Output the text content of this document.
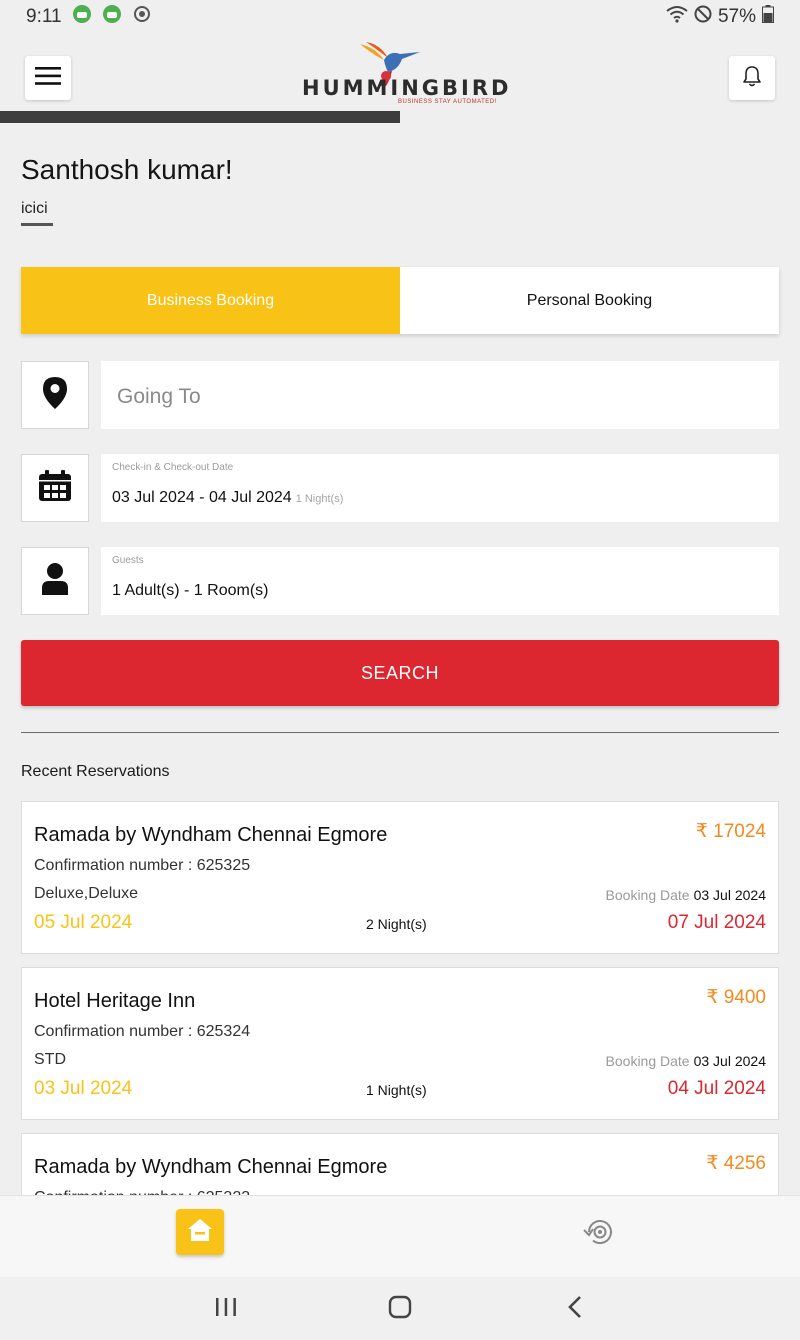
9:11	57%
HUMMINGBIRD
BUSINESS STAY AUTOMATED!
Santhosh kumar!
icici
Business Booking	Personal Booking
Going To
Check-in & Check-out Date
03 Jul 2024 - 04 Jul 2024 1 Night(s)
Guests
1 Adult(s) - 1 Room(s)
SEARCH
Recent Reservations
Ramada by Wyndham Chennai Egmore	₹ 17024
Confirmation number : 625325
Deluxe,Deluxe	Booking Date 03 Jul 2024
05 Jul 2024	2 Night(s)	07 Jul 2024
Hotel Heritage Inn	₹ 9400
Confirmation number : 625324
STD	Booking Date 03 Jul 2024
03 Jul 2024	1 Night(s)	04 Jul 2024
Ramada by Wyndham Chennai Egmore	₹ 4256
